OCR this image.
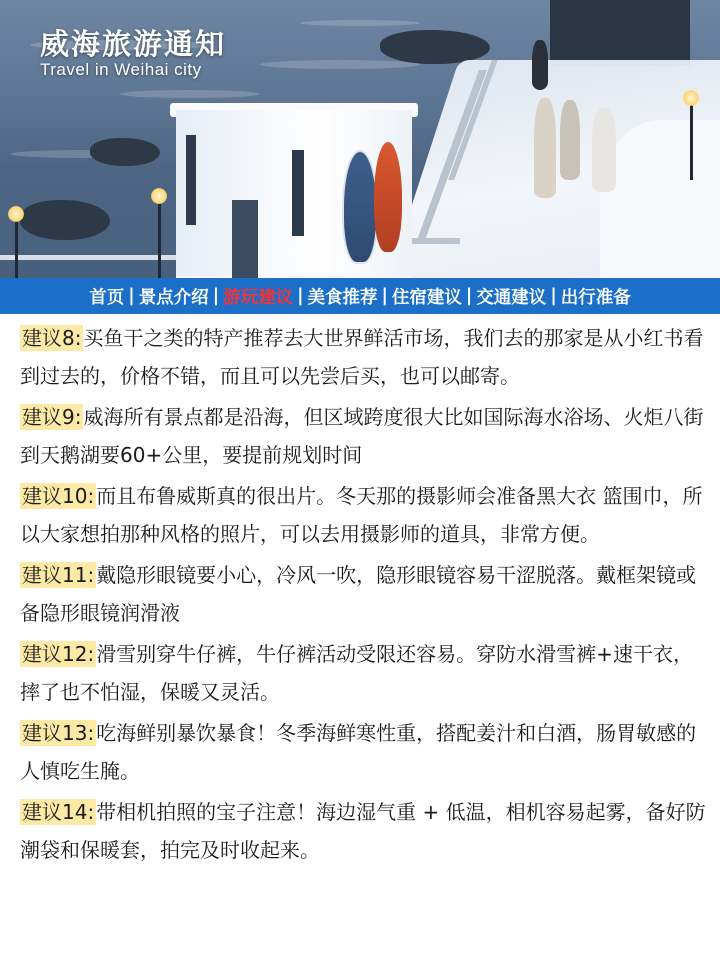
威海旅游通知

Travel in Weihai city

首页 | 景点介绍 | 游玩建议 | 美食推荐 | 住宿建议 | 交通建议 | 出行准备

建议8: 买鱼干之类的特产推荐去大世界鲜活市场，我们去的那家是从小红书看到过去的，价格不错，而且可以先尝后买，也可以邮寄。

建议9: 威海所有景点都是沿海，但区域跨度很大比如国际海水浴场、火炬八街到天鹅湖要60+公里，要提前规划时间

建议10: 而且布鲁威斯真的很出片。冬天那的摄影师会准备黑大衣 篮围巾，所以大家想拍那种风格的照片，可以去用摄影师的道具，非常方便。

建议11: 戴隐形眼镜要小心，冷风一吹，隐形眼镜容易干涩脱落。戴框架镜或备隐形眼镜润滑液

建议12: 滑雪别穿牛仔裤，牛仔裤活动受限还容易。穿防水滑雪裤+速干衣，摔了也不怕湿，保暖又灵活。

建议13: 吃海鲜别暴饮暴食！冬季海鲜寒性重，搭配姜汁和白酒，肠胃敏感的人慎吃生腌。

建议14: 带相机拍照的宝子注意！海边湿气重 + 低温，相机容易起雾，备好防潮袋和保暖套，拍完及时收起来。
